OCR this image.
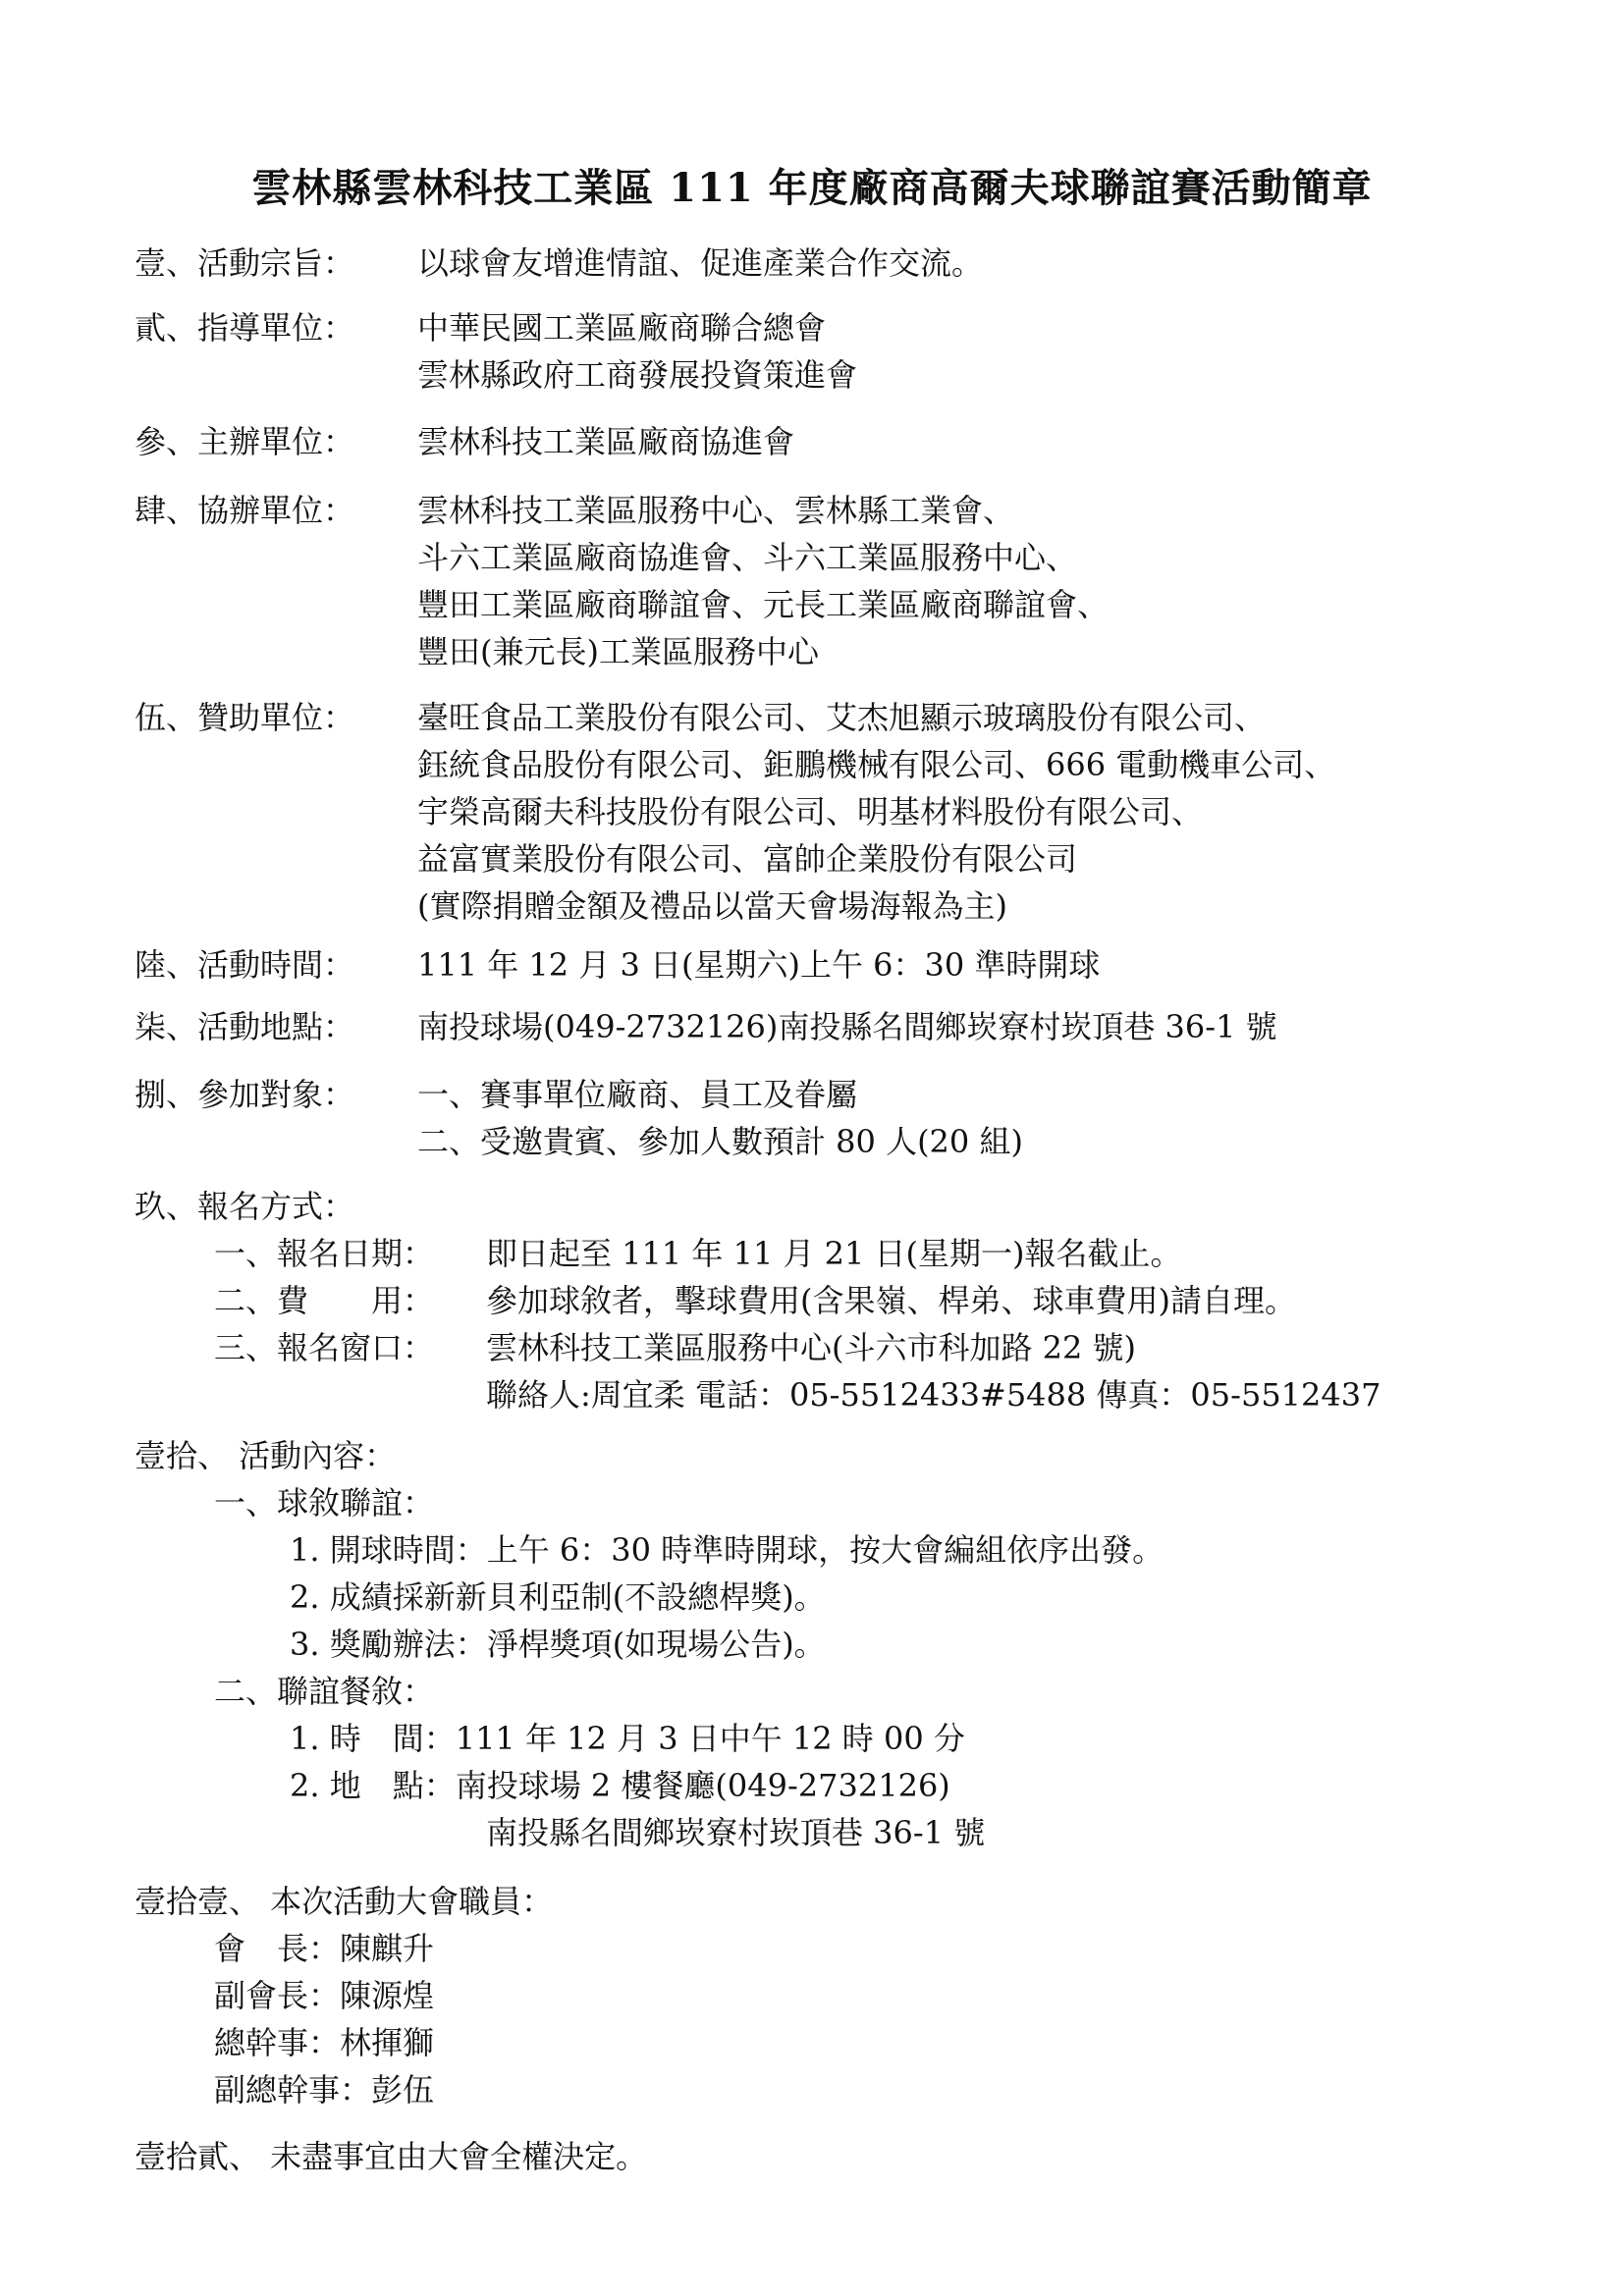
雲林縣雲林科技工業區 111 年度廠商高爾夫球聯誼賽活動簡章
壹、活動宗旨： 以球會友增進情誼、促進產業合作交流。
貳、指導單位： 中華民國工業區廠商聯合總會
雲林縣政府工商發展投資策進會
參、主辦單位： 雲林科技工業區廠商協進會
肆、協辦單位： 雲林科技工業區服務中心、雲林縣工業會、
斗六工業區廠商協進會、斗六工業區服務中心、
豐田工業區廠商聯誼會、元長工業區廠商聯誼會、
豐田(兼元長)工業區服務中心
伍、贊助單位： 臺旺食品工業股份有限公司、艾杰旭顯示玻璃股份有限公司、
鈺統食品股份有限公司、鉅鵬機械有限公司、666 電動機車公司、
宇榮高爾夫科技股份有限公司、明基材料股份有限公司、
益富實業股份有限公司、富帥企業股份有限公司
(實際捐贈金額及禮品以當天會場海報為主)
陸、活動時間： 111 年 12 月 3 日(星期六)上午 6：30 準時開球
柒、活動地點： 南投球場(049-2732126)南投縣名間鄉崁寮村崁頂巷 36-1 號
捌、參加對象： 一、賽事單位廠商、員工及眷屬
二、受邀貴賓、參加人數預計 80 人(20 組)
玖、報名方式：
一、報名日期： 即日起至 111 年 11 月 21 日(星期一)報名截止。
二、費　　用： 參加球敘者，擊球費用(含果嶺、桿弟、球車費用)請自理。
三、報名窗口： 雲林科技工業區服務中心(斗六市科加路 22 號)
聯絡人:周宜柔 電話：05-5512433#5488 傳真：05-5512437
壹拾、 活動內容：
一、球敘聯誼：
1. 開球時間：上午 6：30 時準時開球，按大會編組依序出發。
2. 成績採新新貝利亞制(不設總桿獎)。
3. 獎勵辦法：淨桿獎項(如現場公告)。
二、聯誼餐敘：
1. 時　間：111 年 12 月 3 日中午 12 時 00 分
2. 地　點：南投球場 2 樓餐廳(049-2732126)
南投縣名間鄉崁寮村崁頂巷 36-1 號
壹拾壹、 本次活動大會職員：
會　長：陳麒升
副會長：陳源煌
總幹事：林揮獅
副總幹事：彭伍
壹拾貳、 未盡事宜由大會全權決定。
